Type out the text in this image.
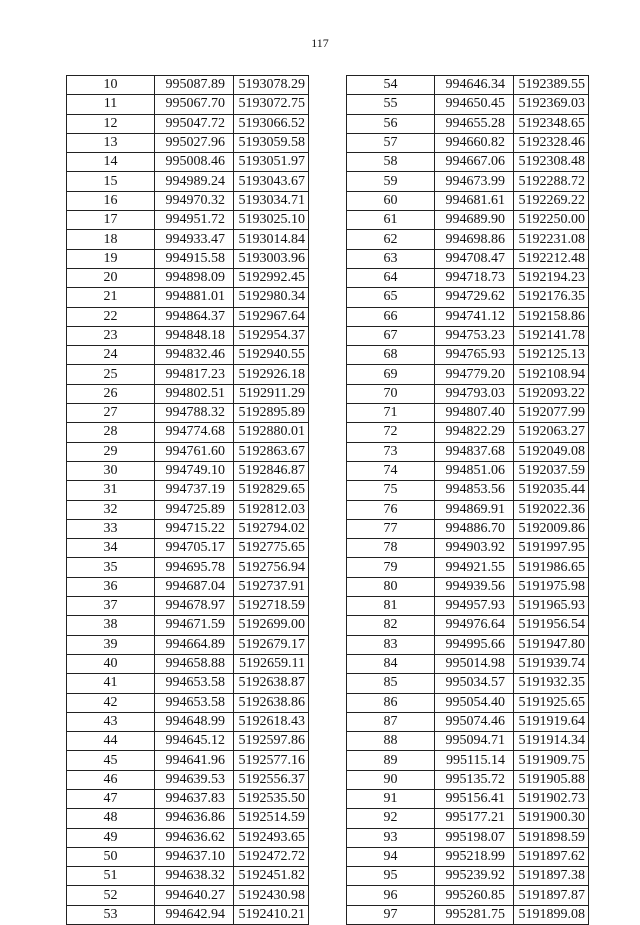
117
10	995087.89	5193078.29
11	995067.70	5193072.75
12	995047.72	5193066.52
13	995027.96	5193059.58
14	995008.46	5193051.97
15	994989.24	5193043.67
16	994970.32	5193034.71
17	994951.72	5193025.10
18	994933.47	5193014.84
19	994915.58	5193003.96
20	994898.09	5192992.45
21	994881.01	5192980.34
22	994864.37	5192967.64
23	994848.18	5192954.37
24	994832.46	5192940.55
25	994817.23	5192926.18
26	994802.51	5192911.29
27	994788.32	5192895.89
28	994774.68	5192880.01
29	994761.60	5192863.67
30	994749.10	5192846.87
31	994737.19	5192829.65
32	994725.89	5192812.03
33	994715.22	5192794.02
34	994705.17	5192775.65
35	994695.78	5192756.94
36	994687.04	5192737.91
37	994678.97	5192718.59
38	994671.59	5192699.00
39	994664.89	5192679.17
40	994658.88	5192659.11
41	994653.58	5192638.87
42	994653.58	5192638.86
43	994648.99	5192618.43
44	994645.12	5192597.86
45	994641.96	5192577.16
46	994639.53	5192556.37
47	994637.83	5192535.50
48	994636.86	5192514.59
49	994636.62	5192493.65
50	994637.10	5192472.72
51	994638.32	5192451.82
52	994640.27	5192430.98
53	994642.94	5192410.21
54	994646.34	5192389.55
55	994650.45	5192369.03
56	994655.28	5192348.65
57	994660.82	5192328.46
58	994667.06	5192308.48
59	994673.99	5192288.72
60	994681.61	5192269.22
61	994689.90	5192250.00
62	994698.86	5192231.08
63	994708.47	5192212.48
64	994718.73	5192194.23
65	994729.62	5192176.35
66	994741.12	5192158.86
67	994753.23	5192141.78
68	994765.93	5192125.13
69	994779.20	5192108.94
70	994793.03	5192093.22
71	994807.40	5192077.99
72	994822.29	5192063.27
73	994837.68	5192049.08
74	994851.06	5192037.59
75	994853.56	5192035.44
76	994869.91	5192022.36
77	994886.70	5192009.86
78	994903.92	5191997.95
79	994921.55	5191986.65
80	994939.56	5191975.98
81	994957.93	5191965.93
82	994976.64	5191956.54
83	994995.66	5191947.80
84	995014.98	5191939.74
85	995034.57	5191932.35
86	995054.40	5191925.65
87	995074.46	5191919.64
88	995094.71	5191914.34
89	995115.14	5191909.75
90	995135.72	5191905.88
91	995156.41	5191902.73
92	995177.21	5191900.30
93	995198.07	5191898.59
94	995218.99	5191897.62
95	995239.92	5191897.38
96	995260.85	5191897.87
97	995281.75	5191899.08
